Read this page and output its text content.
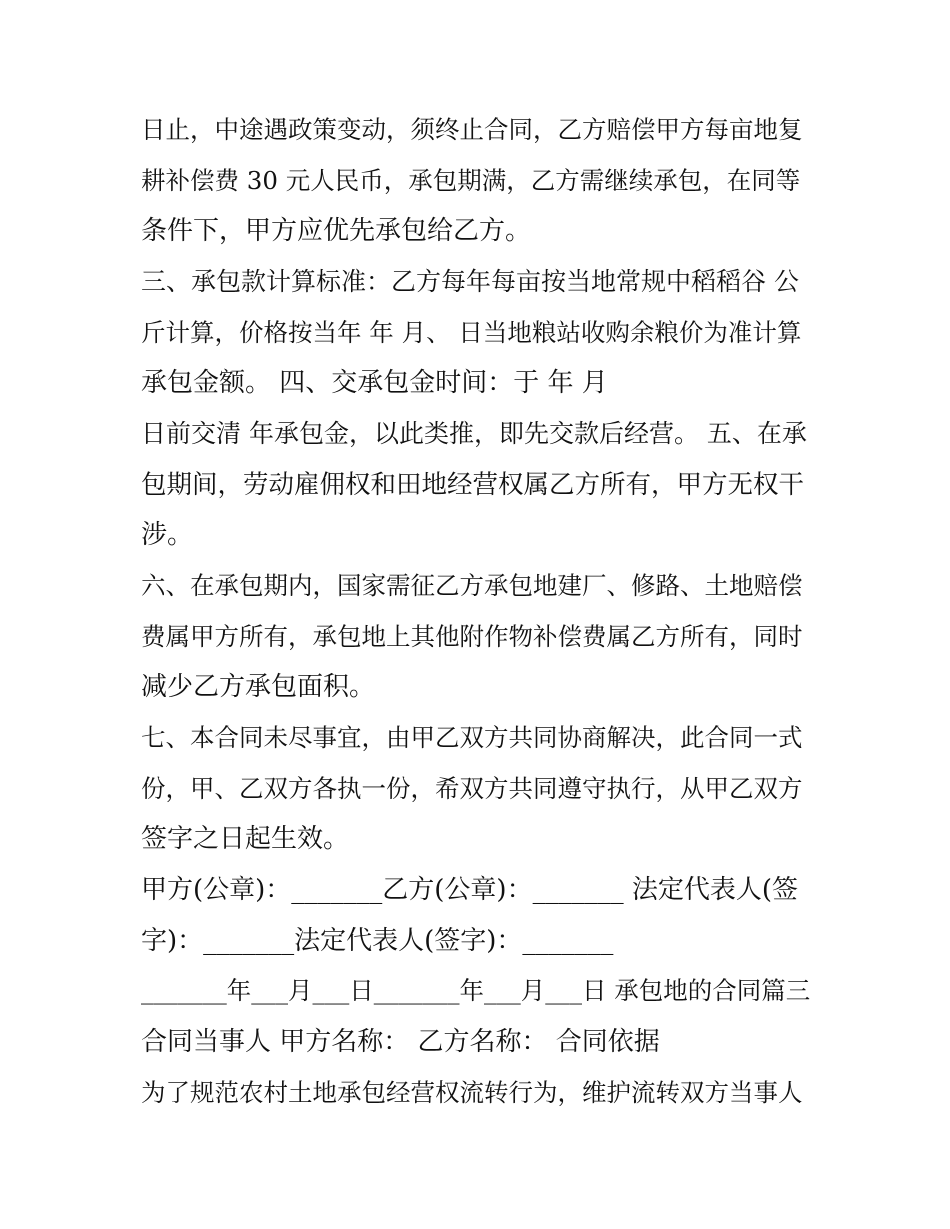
日止，中途遇政策变动，须终止合同，乙方赔偿甲方每亩地复
耕补偿费 30 元人民币，承包期满，乙方需继续承包，在同等
条件下，甲方应优先承包给乙方。
三、承包款计算标准：乙方每年每亩按当地常规中稻稻谷 公
斤计算，价格按当年 年 月、 日当地粮站收购余粮价为准计算
承包金额。 四、交承包金时间：于 年 月
日前交清 年承包金，以此类推，即先交款后经营。 五、在承
包期间，劳动雇佣权和田地经营权属乙方所有，甲方无权干
涉。
六、在承包期内，国家需征乙方承包地建厂、修路、土地赔偿
费属甲方所有，承包地上其他附作物补偿费属乙方所有，同时
减少乙方承包面积。
七、本合同未尽事宜，由甲乙双方共同协商解决，此合同一式
份，甲、乙双方各执一份，希双方共同遵守执行，从甲乙双方
签字之日起生效。
甲方(公章)：_______乙方(公章)：_______ 法定代表人(签
字)：_______法定代表人(签字)：_______
_______年___月___日_______年___月___日 承包地的合同篇三
合同当事人 甲方名称： 乙方名称： 合同依据
为了规范农村土地承包经营权流转行为，维护流转双方当事人
